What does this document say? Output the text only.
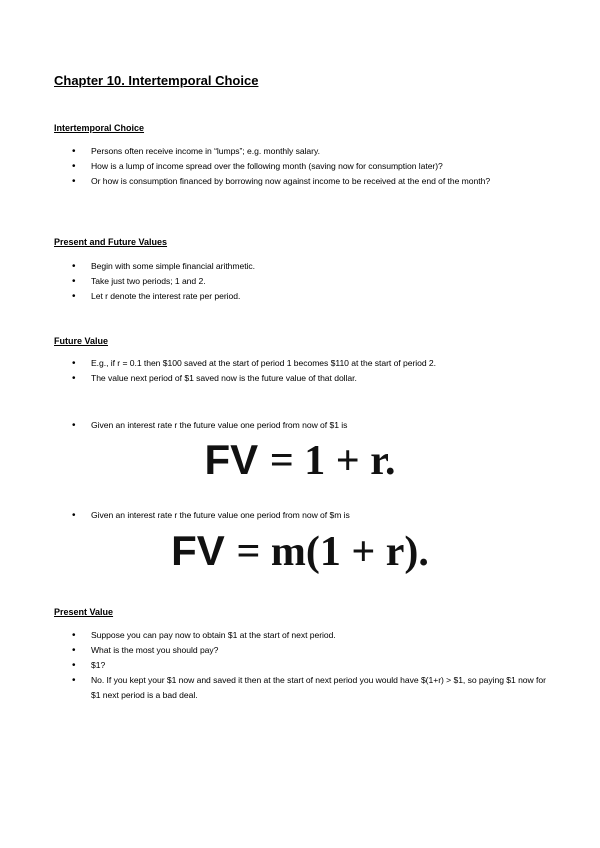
Chapter 10. Intertemporal Choice
Intertemporal Choice
• Persons often receive income in “lumps”; e.g. monthly salary.
• How is a lump of income spread over the following month (saving now for consumption later)?
• Or how is consumption financed by borrowing now against income to be received at the end of the month?
Present and Future Values
• Begin with some simple financial arithmetic.
• Take just two periods; 1 and 2.
• Let r denote the interest rate per period.
Future Value
• E.g., if r = 0.1 then $100 saved at the start of period 1 becomes $110 at the start of period 2.
• The value next period of $1 saved now is the future value of that dollar.
• Given an interest rate r the future value one period from now of $1 is
FV = 1 + r.
• Given an interest rate r the future value one period from now of $m is
FV = m(1 + r).
Present Value
• Suppose you can pay now to obtain $1 at the start of next period.
• What is the most you should pay?
• $1?
• No. If you kept your $1 now and saved it then at the start of next period you would have $(1+r) > $1, so paying $1 now for $1 next period is a bad deal.
